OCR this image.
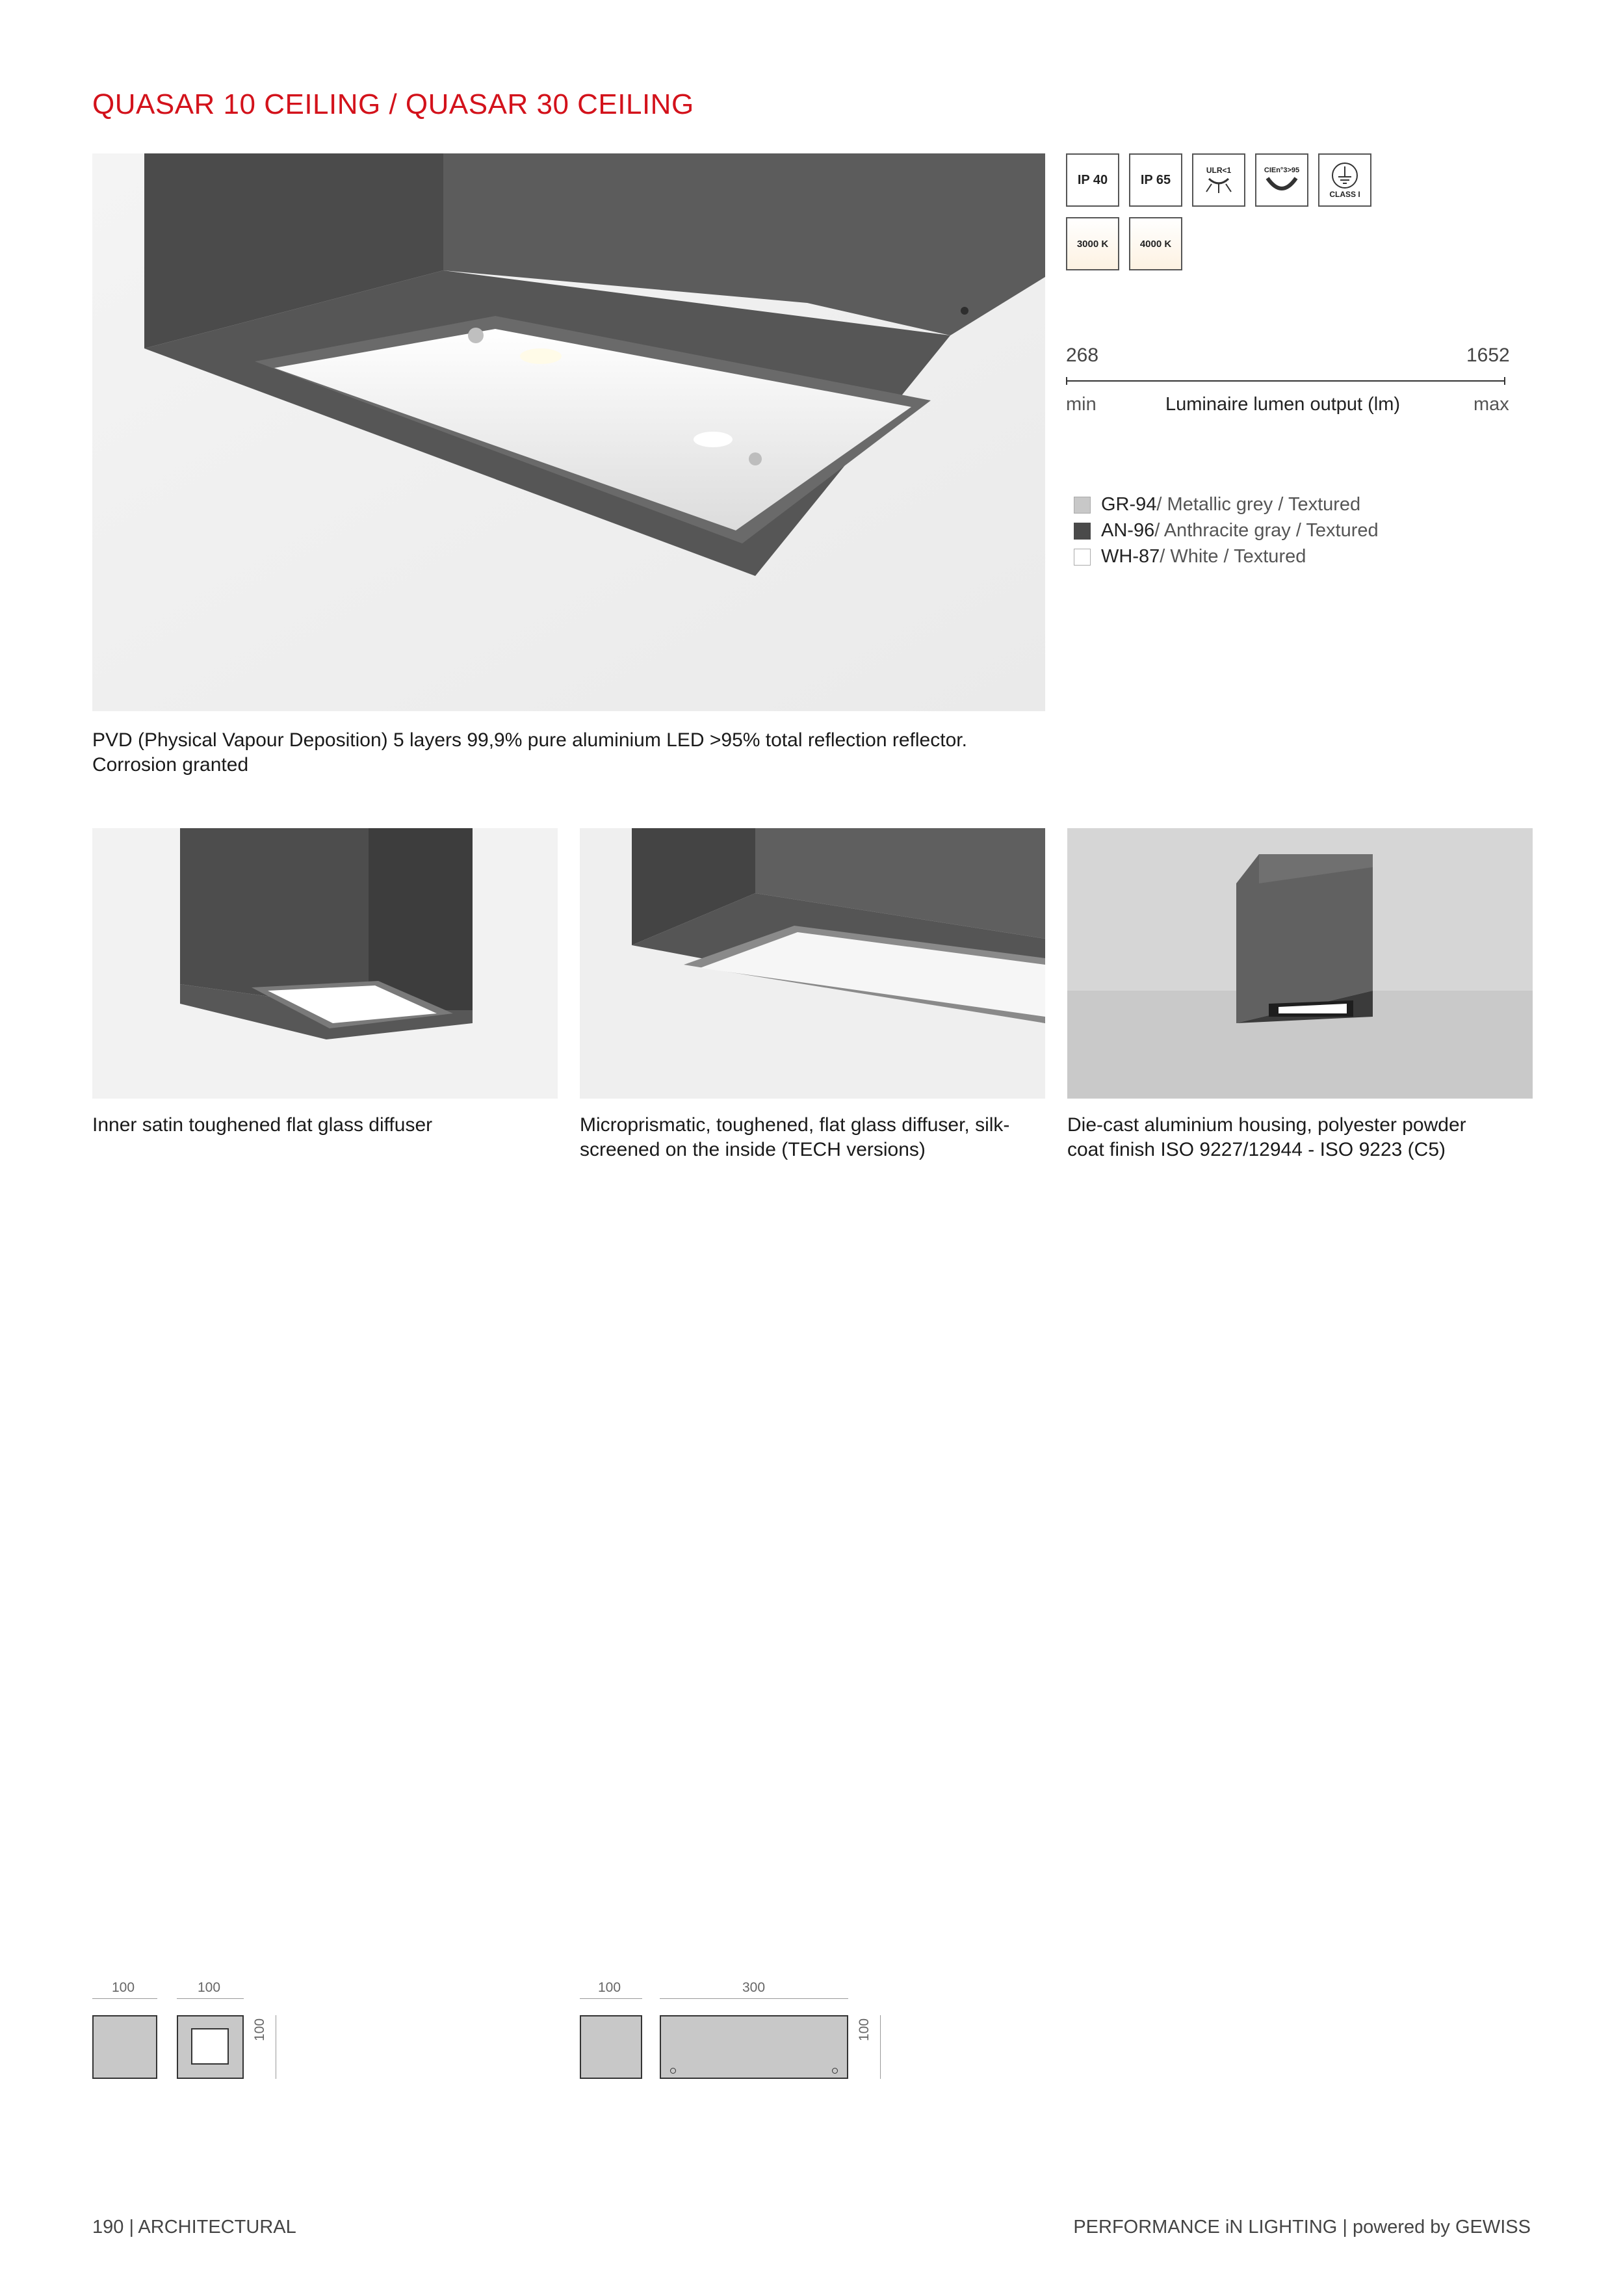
QUASAR 10 CEILING / QUASAR 30 CEILING
IP 40	IP 65
ULR<1	CIEn°3>95
CLASS I
3000 K	4000 K
268	1652
min	Luminaire lumen output (lm)	max
GR-94 / Metallic grey / Textured
AN-96 / Anthracite gray / Textured
WH-87 / White / Textured
PVD (Physical Vapour Deposition) 5 layers 99,9% pure aluminium LED >95% total reflection reflector.
Corrosion granted
Inner satin toughened flat glass diffuser	Microprismatic, toughened, flat glass diffuser, silk-
screened on the inside (TECH versions)
Die-cast aluminium housing, polyester powder
coat finish ISO 9227/12944 - ISO 9223 (C5)
100	100
100
100	300
100
190 | ARCHITECTURAL	PERFORMANCE iN LIGHTING | powered by GEWISS
